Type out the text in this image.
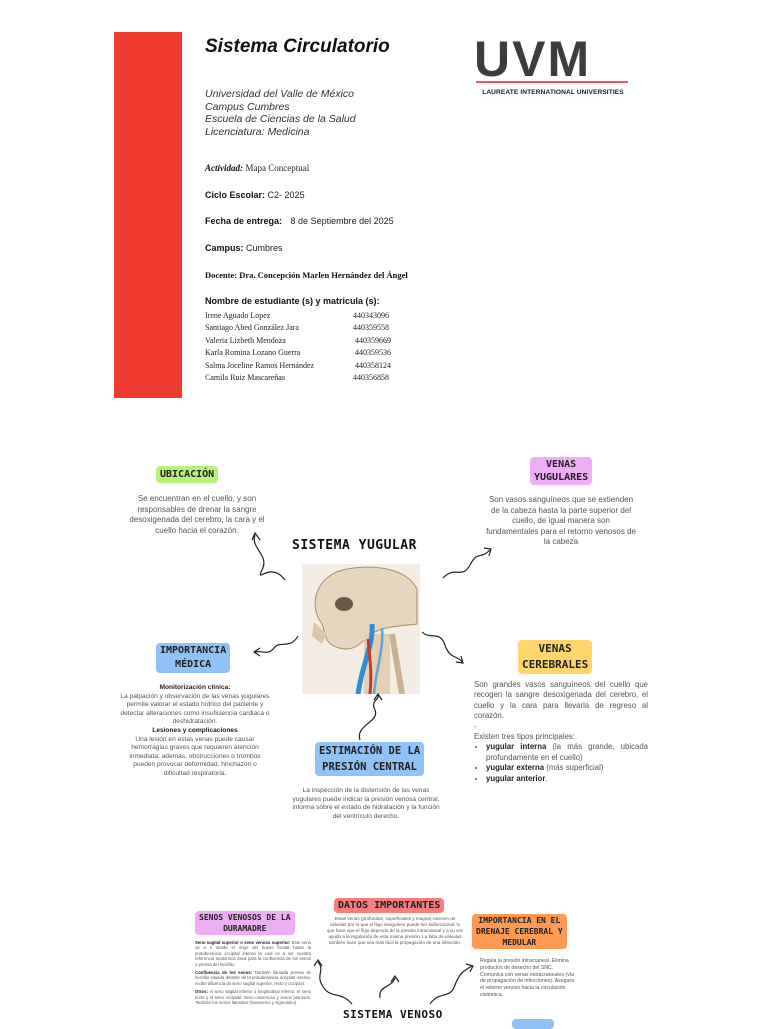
Sistema Circulatorio UVM
LAUREATE INTERNATIONAL UNIVERSITIES
Universidad del Valle de México
Campus Cumbres
Escuela de Ciencias de la Salud
Licenciatura: Medicina
Actividad: Mapa Conceptual
Ciclo Escolar: C2- 2025
Fecha de entrega: 8 de Septiembre del 2025
Campus: Cumbres
Docente: Dra. Concepción Marlen Hernández del Ángel
Nombre de estudiante (s) y matricula (s):
Irene Aguado Lopez	440343096
Santiago Abed González Jara	440359558
Valeria Lizbeth Mendoza	440359669
Karla Romina Lozano Guerra	440359536
Salma Joceline Ramos Hernández	440358124
Camila Ruiz Mascareñas	440356858
UBICACIÓN
Se encuentran en el cuello, y son responsables de drenar la sangre desoxigenada del cerebro, la cara y el cuello hacia el corazón.
VENAS
YUGULARES
Son vasos sanguíneos que se extienden de la cabeza hasta la parte superior del cuello, de igual manera son fundamentales para el retorno venosos de la cabeza
SISTEMA YUGULAR
IMPORTANCIA
MÉDICA
Monitorización clínica:
La palpación y observación de las venas yugulares permite valorar el estado hídrico del paciente y detectar alteraciones como insuficiencia cardiaca o deshidratación.
Lesiones y complicaciones
Una lesión en estas venas puede causar hemorragias graves que requieren atención inmediata; además, obstrucciones o trombos pueden provocar deformidad, hinchazón o dificultad respiratoria.
VENAS
CEREBRALES
Son grandes vasos sanguíneos del cuello que recogen la sangre desoxigenada del cerebro, el cuello y la cara para llevarla de regreso al corazón.
-
Existen tres tipos principales:
• yugular interna (la más grande, ubicada profundamente en el cuello)
• yugular externa (más superficial)
• yugular anterior.
ESTIMACIÓN DE LA
PRESIÓN CENTRAL
La inspección de la distensión de las venas yugulares puede indicar la presión venosa central, informa sobre el estado de hidratación y la función del ventrículo derecho.
DATOS IMPORTANTES
Estas venas (profundas, superficiales y magna) carecen de válvulas por lo que el flujo sanguíneo puede ser bidireccional, lo que hace que el flujo dependa de la presión intracraneal y a su vez ayuda a la regulación de esta misma presión. La falta de válvulas también hace que sea más fácil la propagación de una infección.
SENOS VENOSOS DE LA
DURAMADRE
Seno sagital superior o seno venoso superior: Este seno va a ir desde el origo del hueso frontal hasta la protuberancia occipital interna la cual es a ser nuestra referencia anatómica ósea para la confluencia de los senos o prensa del herófilo.
Confluencia de los senos: También llamada prensa de herófilo situada delante de la protuberancia occipital interna, recibe afluencia de seno sagital superior, recto y occipital.
Otros: el seno sagital inferior o longitudinal inferior, el seno recto y el seno occipital. Seno cavernoso y senos petrosos. También los senos laterales (transverso y sigmoideo).
IMPORTANCIA EN EL
DRENAJE CEREBRAL Y
MEDULAR
Regula la presión intracraneal. Elimina productos de desecho del SNC. Comunica con venas extracraneales (vía de propagación de infecciones). Asegura el retorno venoso hacia la circulación sistémica.
SISTEMA VENOSO
